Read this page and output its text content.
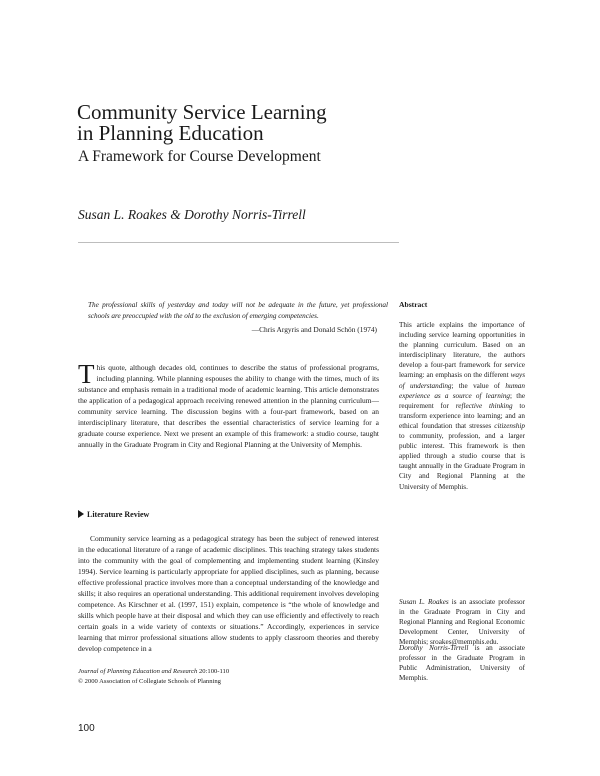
Community Service Learning
in Planning Education
A Framework for Course Development
Susan L. Roakes & Dorothy Norris-Tirrell
The professional skills of yesterday and today will not be adequate in the future, yet professional schools are preoccupied with the old to the exclusion of emerging competencies.
—Chris Argyris and Donald Schön (1974)
This quote, although decades old, continues to describe the status of professional programs, including planning. While planning espouses the ability to change with the times, much of its substance and emphasis remain in a traditional mode of academic learning. This article demonstrates the application of a pedagogical approach receiving renewed attention in the planning curriculum—community service learning. The discussion begins with a four-part framework, based on an interdisciplinary literature, that describes the essential characteristics of service learning for a graduate course experience. Next we present an example of this framework: a studio course, taught annually in the Graduate Program in City and Regional Planning at the University of Memphis.
Literature Review
Community service learning as a pedagogical strategy has been the subject of renewed interest in the educational literature of a range of academic disciplines. This teaching strategy takes students into the community with the goal of complementing and implementing student learning (Kinsley 1994). Service learning is particularly appropriate for applied disciplines, such as planning, because effective professional practice involves more than a conceptual understanding of the knowledge and skills; it also requires an operational understanding. This additional requirement involves developing competence. As Kirschner et al. (1997, 151) explain, competence is “the whole of knowledge and skills which people have at their disposal and which they can use efficiently and effectively to reach certain goals in a wide variety of contexts or situations.” Accordingly, experiences in service learning that mirror professional situations allow students to apply classroom theories and thereby develop competence in a
Abstract
This article explains the importance of including service learning opportunities in the planning curriculum. Based on an interdisciplinary literature, the authors develop a four-part framework for service learning: an emphasis on the different ways of understanding; the value of human experience as a source of learning; the requirement for reflective thinking to transform experience into learning; and an ethical foundation that stresses citizenship to community, profession, and a larger public interest. This framework is then applied through a studio course that is taught annually in the Graduate Program in City and Regional Planning at the University of Memphis.
Susan L. Roakes is an associate professor in the Graduate Program in City and Regional Planning and Regional Economic Development Center, University of Memphis; sroakes@memphis.edu.
Dorothy Norris-Tirrell is an associate professor in the Graduate Program in Public Administration, University of Memphis.
Journal of Planning Education and Research 20:100-110
© 2000 Association of Collegiate Schools of Planning
100
